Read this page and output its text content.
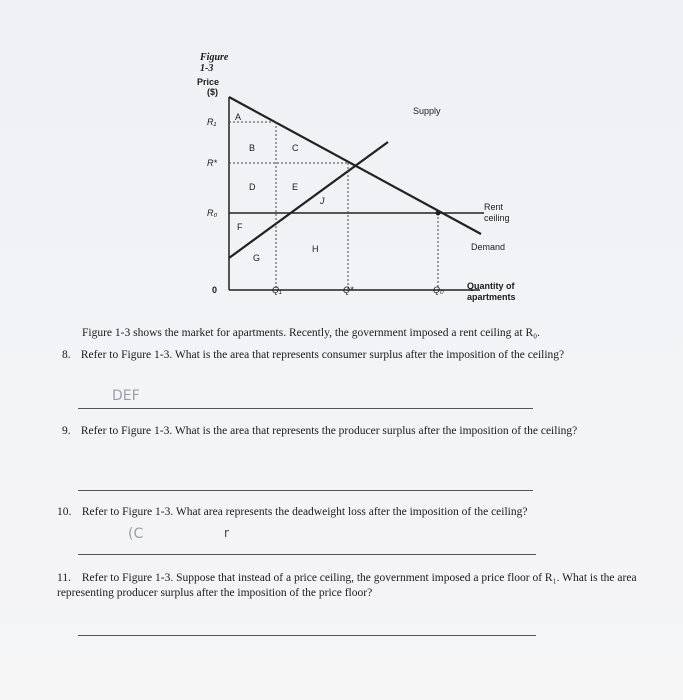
Figure 1-3
Price
($)
R₁
R*
R₀
0
A
B	C
D	E
J
F
H
G
Q₁	Q*	Q₀
Supply
Rent
ceiling
Demand
Quantity of
apartments
Figure 1-3 shows the market for apartments. Recently, the government imposed a rent ceiling at R₀.
8. Refer to Figure 1-3. What is the area that represents consumer surplus after the imposition of the ceiling?
DEF
9. Refer to Figure 1-3. What is the area that represents the producer surplus after the imposition of the ceiling?
10. Refer to Figure 1-3. What area represents the deadweight loss after the imposition of the ceiling?
(C	r
11. Refer to Figure 1-3. Suppose that instead of a price ceiling, the government imposed a price floor of R₁. What is the area representing producer surplus after the imposition of the price floor?
